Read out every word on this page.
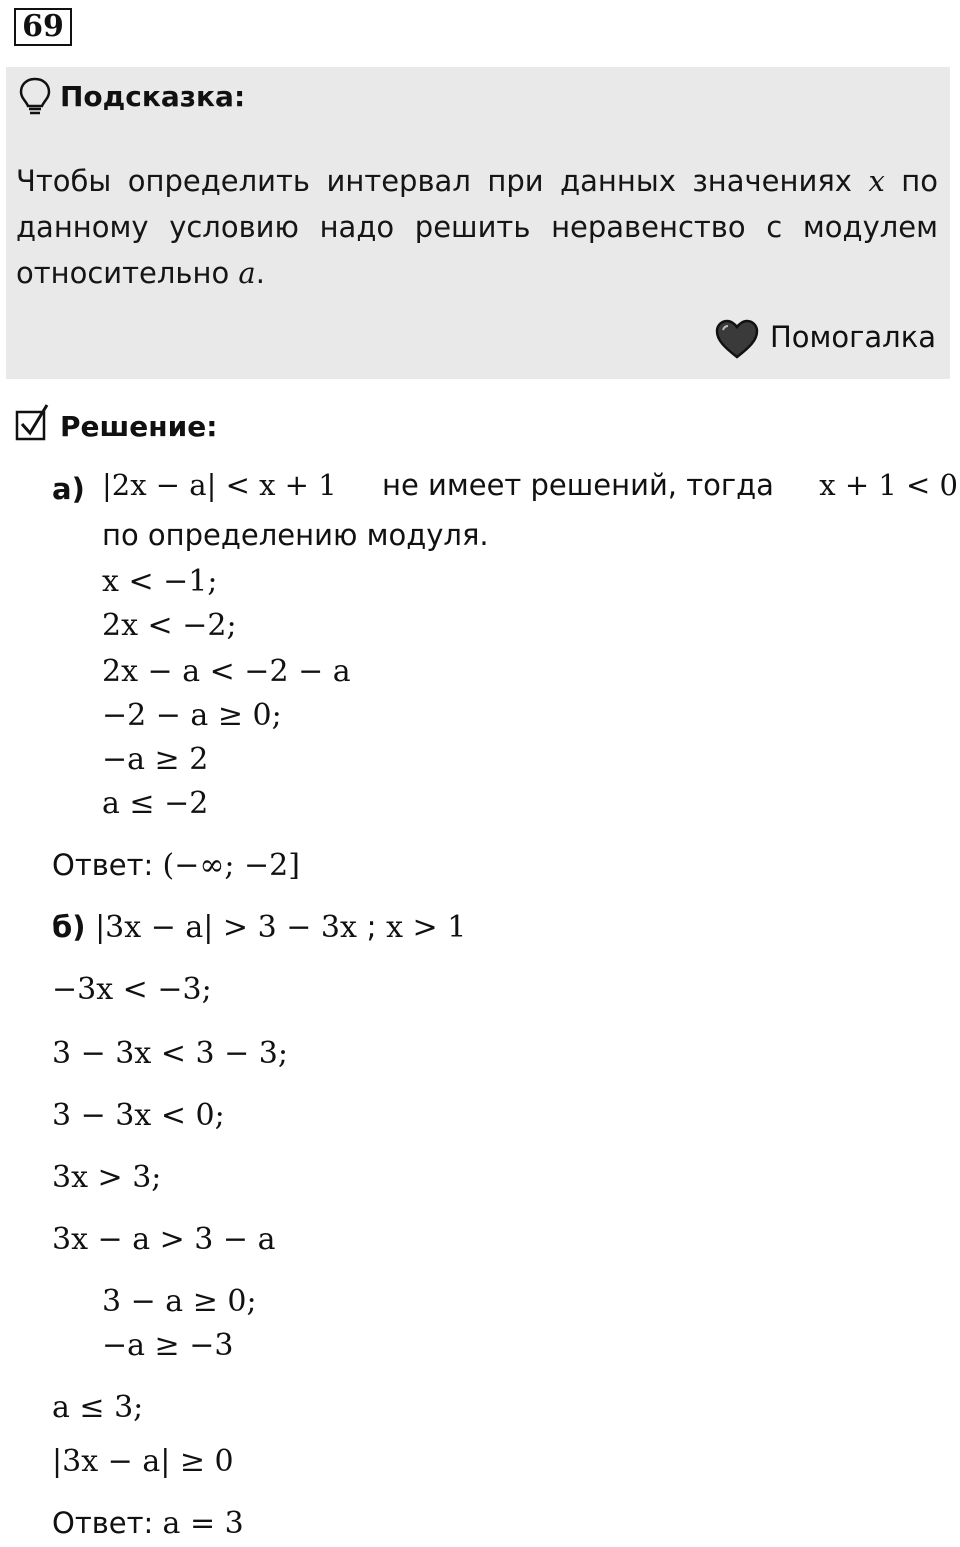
69
Подсказка:
Чтобы определить интервал при данных значениях x по данному условию надо решить неравенство с модулем относительно a.
Помогалка
Решение:
а) |2x − a| < x + 1 не имеет решений, тогда x + 1 < 0
по определению модуля.
x < −1;
2x < −2;
2x − a < −2 − a
−2 − a ≥ 0;
−a ≥ 2
a ≤ −2
Ответ: (−∞; −2]
б) |3x − a| > 3 − 3x ; x > 1
−3x < −3;
3 − 3x < 3 − 3;
3 − 3x < 0;
3x > 3;
3x − a > 3 − a
3 − a ≥ 0;
−a ≥ −3
a ≤ 3;
|3x − a| ≥ 0
Ответ: a = 3
